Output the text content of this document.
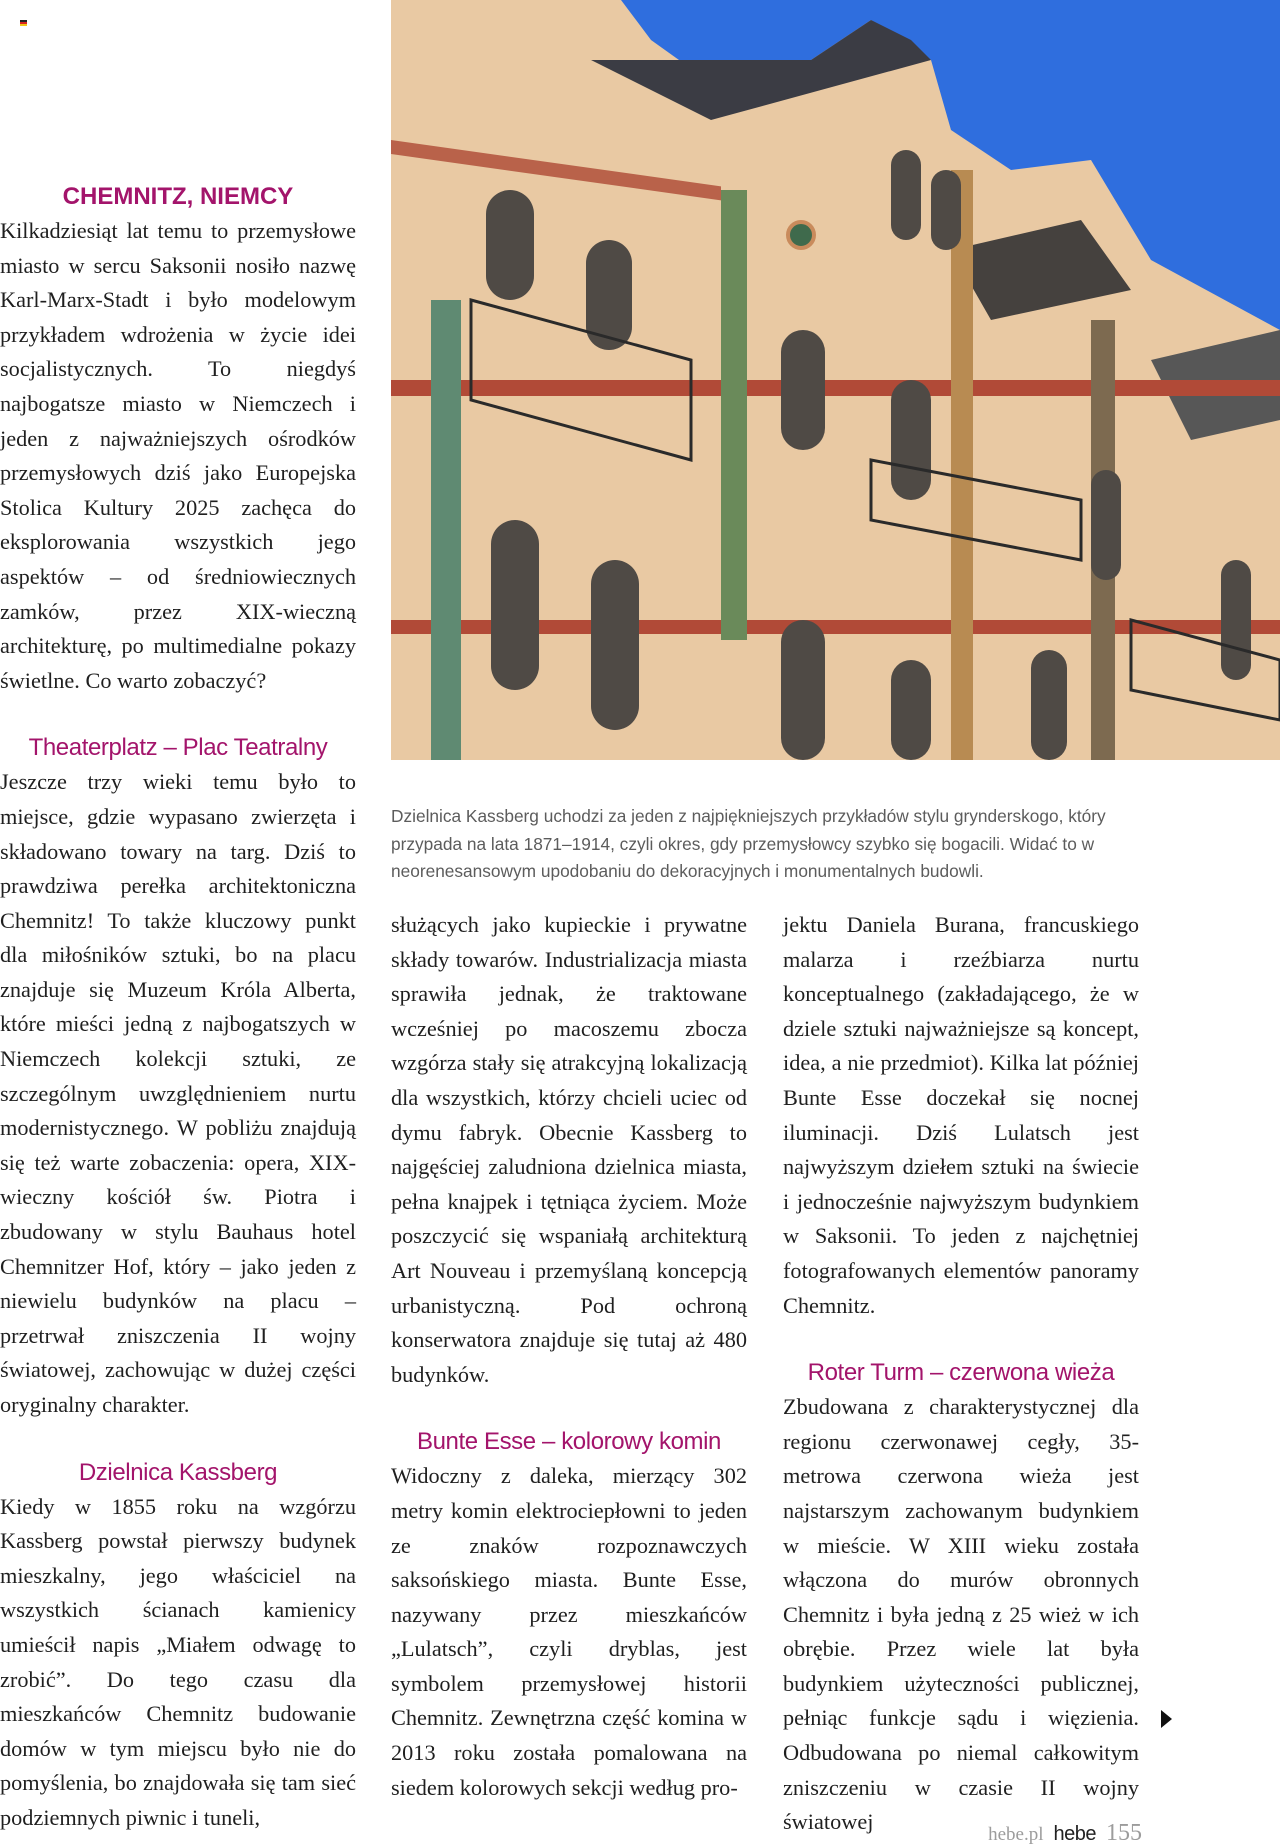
CHEMNITZ, NIEMCY

Kilkadziesiąt lat temu to przemysłowe miasto w sercu Saksonii nosiło nazwę Karl-Marx-Stadt i było modelowym przykładem wdrożenia w życie idei socjalistycznych. To niegdyś najbogatsze miasto w Niemczech i jeden z najważniejszych ośrodków przemysłowych dziś jako Europejska Stolica Kultury 2025 zachęca do eksplorowania wszystkich jego aspektów – od średniowiecznych zamków, przez XIX-wieczną architekturę, po multimedialne pokazy świetlne. Co warto zobaczyć?

Theaterplatz – Plac Teatralny

Jeszcze trzy wieki temu było to miejsce, gdzie wypasano zwierzęta i składowano towary na targ. Dziś to prawdziwa perełka architektoniczna Chemnitz! To także kluczowy punkt dla miłośników sztuki, bo na placu znajduje się Muzeum Króla Alberta, które mieści jedną z najbogatszych w Niemczech kolekcji sztuki, ze szczególnym uwzględnieniem nurtu modernistycznego. W pobliżu znajdują się też warte zobaczenia: opera, XIX-wieczny kościół św. Piotra i zbudowany w stylu Bauhaus hotel Chemnitzer Hof, który – jako jeden z niewielu budynków na placu – przetrwał zniszczenia II wojny światowej, zachowując w dużej części oryginalny charakter.

Dzielnica Kassberg

Kiedy w 1855 roku na wzgórzu Kassberg powstał pierwszy budynek mieszkalny, jego właściciel na wszystkich ścianach kamienicy umieścił napis „Miałem odwagę to zrobić”. Do tego czasu dla mieszkańców Chemnitz budowanie domów w tym miejscu było nie do pomyślenia, bo znajdowała się tam sieć podziemnych piwnic i tuneli,

Dzielnica Kassberg uchodzi za jeden z najpiękniejszych przykładów stylu grynderskogo, który przypada na lata 1871–1914, czyli okres, gdy przemysłowcy szybko się bogacili. Widać to w neorenesansowym upodobaniu do dekoracyjnych i monumentalnych budowli.

służących jako kupieckie i prywatne składy towarów. Industrializacja miasta sprawiła jednak, że traktowane wcześniej po macoszemu zbocza wzgórza stały się atrakcyjną lokalizacją dla wszystkich, którzy chcieli uciec od dymu fabryk. Obecnie Kassberg to najgęściej zaludniona dzielnica miasta, pełna knajpek i tętniąca życiem. Może poszczycić się wspaniałą architekturą Art Nouveau i przemyślaną koncepcją urbanistyczną. Pod ochroną konserwatora znajduje się tutaj aż 480 budynków.

Bunte Esse – kolorowy komin

Widoczny z daleka, mierzący 302 metry komin elektrociepłowni to jeden ze znaków rozpoznawczych saksońskiego miasta. Bunte Esse, nazywany przez mieszkańców „Lulatsch”, czyli dryblas, jest symbolem przemysłowej historii Chemnitz. Zewnętrzna część komina w 2013 roku została pomalowana na siedem kolorowych sekcji według pro-

jektu Daniela Burana, francuskiego malarza i rzeźbiarza nurtu konceptualnego (zakładającego, że w dziele sztuki najważniejsze są koncept, idea, a nie przedmiot). Kilka lat później Bunte Esse doczekał się nocnej iluminacji. Dziś Lulatsch jest najwyższym dziełem sztuki na świecie i jednocześnie najwyższym budynkiem w Saksonii. To jeden z najchętniej fotografowanych elementów panoramy Chemnitz.

Roter Turm – czerwona wieża

Zbudowana z charakterystycznej dla regionu czerwonawej cegły, 35-metrowa czerwona wieża jest najstarszym zachowanym budynkiem w mieście. W XIII wieku została włączona do murów obronnych Chemnitz i była jedną z 25 wież w ich obrębie. Przez wiele lat była budynkiem użyteczności publicznej, pełniąc funkcje sądu i więzienia. Odbudowana po niemal całkowitym zniszczeniu w czasie II wojny światowej

hebe.pl hebe 155
